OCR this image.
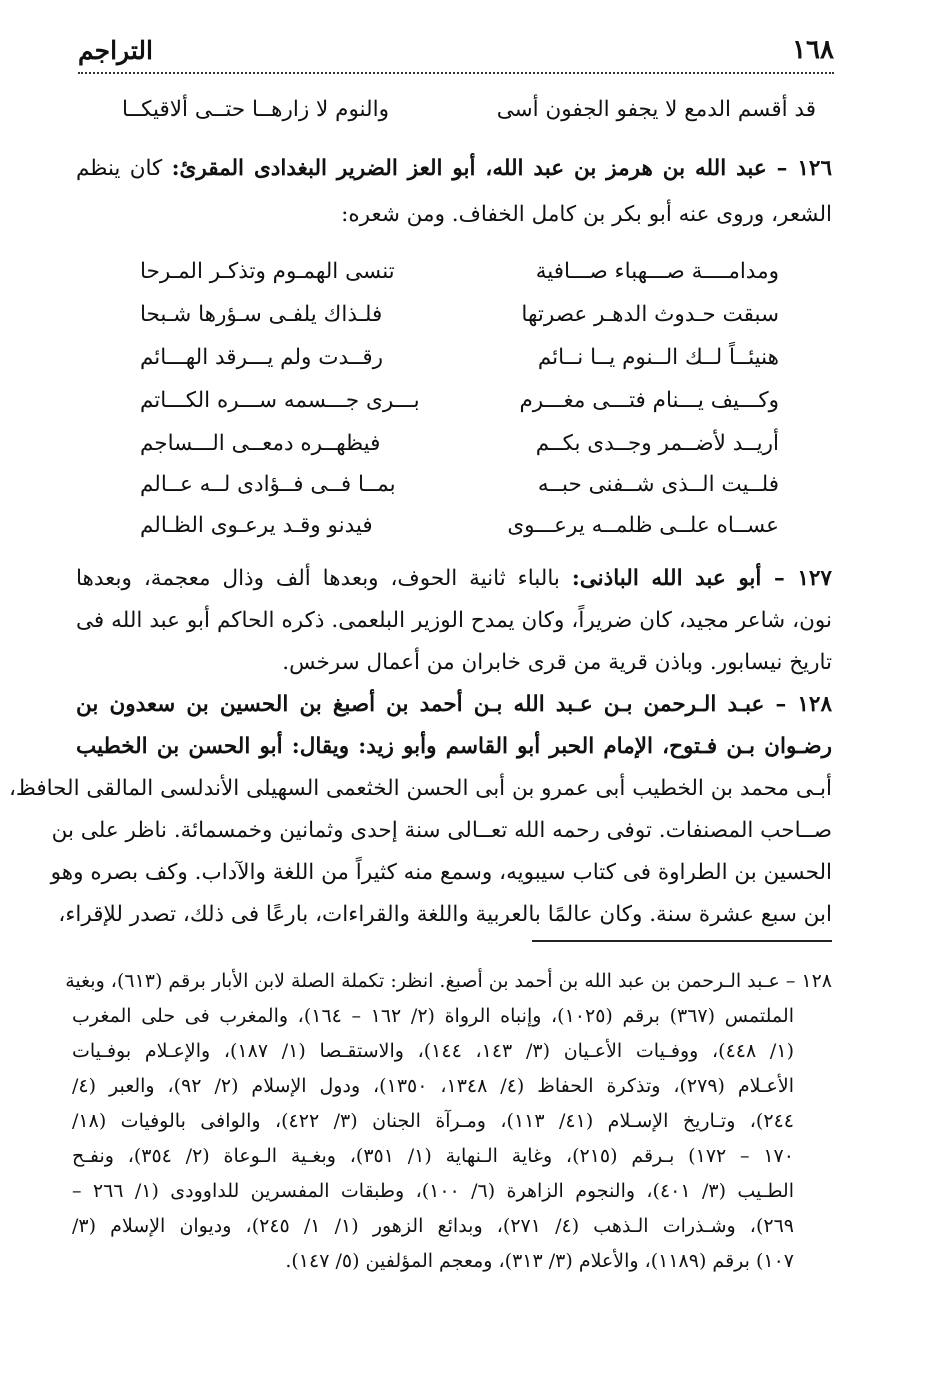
١٦٨
التراجم
قد أقسم الدمع لا يجفو الجفون أسى
والنوم لا زارهــا حتــى ألاقيكــا
١٢٦ – عبد الله بن هرمز بن عبد الله، أبو العز الضرير البغدادى المقرئ: كان ينظم
الشعر، وروى عنه أبو بكر بن كامل الخفاف. ومن شعره:
ومدامــــة صـــهباء صـــافية
تنسى الهمـوم وتذكـر المـرحا
سبقت حـدوث الدهـر عصرتها
فلـذاك يلفـى سـؤرها شـبحا
هنيئــاً لــك الــنوم يــا نــائم
رقــدت ولم يـــرقد الهـــائم
وكـــيف يـــنام فتـــى مغـــرم
بـــرى جـــسمه ســـره الكـــاتم
أريــد لأضــمر وجــدى بكــم
فيظهــره دمعــى الـــساجم
فلــيت الــذى شــفنى حبــه
بمــا فــى فــؤادى لــه عــالم
عســاه علــى ظلمــه يرعـــوى
فيدنو وقـد يرعـوى الظـالم
١٢٧ – أبو عبد الله الباذنى: بالباء ثانية الحوف، وبعدها ألف وذال معجمة، وبعدها
نون، شاعر مجيد، كان ضريراً، وكان يمدح الوزير البلعمى. ذكره الحاكم أبو عبد الله فى
تاريخ نيسابور. وباذن قرية من قرى خابران من أعمال سرخس.
١٢٨ – عبـد الـرحمن بـن عـبد الله بـن أحمد بن أصبغ بن الحسين بن سعدون بن
رضـوان بـن فـتوح، الإمام الحبر أبو القاسم وأبو زيد: ويقال: أبو الحسن بن الخطيب
أبـى محمد بن الخطيب أبى عمرو بن أبى الحسن الخثعمى السهيلى الأندلسى المالقى الحافظ،
صــاحب المصنفات. توفى رحمه الله تعــالى سنة إحدى وثمانين وخمسمائة. ناظر على بن
الحسين بن الطراوة فى كتاب سيبويه، وسمع منه كثيراً من اللغة والآداب. وكف بصره وهو
ابن سبع عشرة سنة. وكان عالمًا بالعربية واللغة والقراءات، بارعًا فى ذلك، تصدر للإقراء،
١٢٨ – عـبد الـرحمن بن عبد الله بن أحمد بن أصبغ. انظر: تكملة الصلة لابن الأبار برقم (٦١٣)، وبغية
الملتمس (٣٦٧) برقم (١٠٢٥)، وإنباه الرواة (٢/ ١٦٢ – ١٦٤)، والمغرب فى حلى المغرب
(١/ ٤٤٨)، ووفـيات الأعـيان (٣/ ١٤٣، ١٤٤)، والاستقـصا (١/ ١٨٧)، والإعـلام بوفـيات
الأعـلام (٢٧٩)، وتذكرة الحفاظ (٤/ ١٣٤٨، ١٣٥٠)، ودول الإسلام (٢/ ٩٢)، والعبر (٤/
٢٤٤)، وتـاريخ الإسـلام (٤١/ ١١٣)، ومـرآة الجنان (٣/ ٤٢٢)، والوافى بالوفيات (١٨/
١٧٠ – ١٧٢) بـرقم (٢١٥)، وغاية الـنهاية (١/ ٣٥١)، وبغـية الـوعاة (٢/ ٣٥٤)، ونفـح
الطـيب (٣/ ٤٠١)، والنجوم الزاهرة (٦/ ١٠٠)، وطبقات المفسرين للداوودى (١/ ٢٦٦ –
٢٦٩)، وشـذرات الـذهب (٤/ ٢٧١)، وبدائع الزهور (١/ ١/ ٢٤٥)، وديوان الإسلام (٣/
١٠٧) برقم (١١٨٩)، والأعلام (٣/ ٣١٣)، ومعجم المؤلفين (٥/ ١٤٧).
